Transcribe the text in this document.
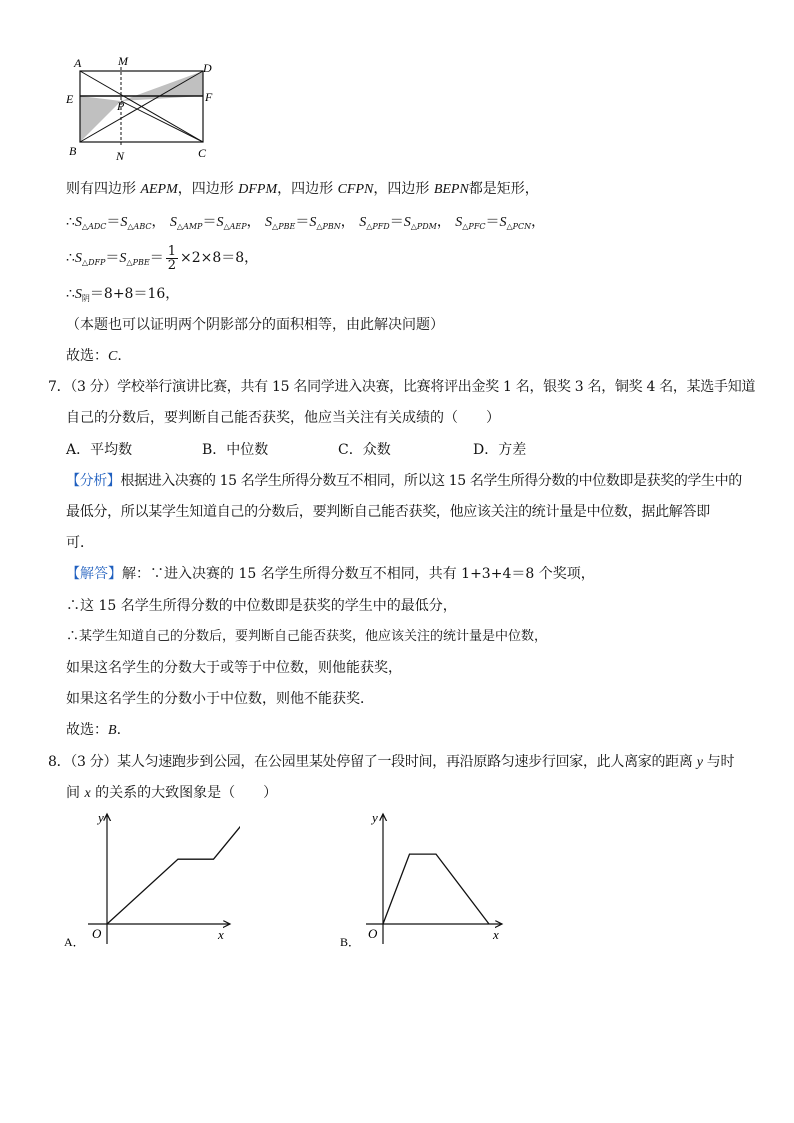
A	M	D
E	F
P
B	N	C
则有四边形 AEPM，四边形 DFPM，四边形 CFPN，四边形 BEPN都是矩形，
$\therefore S_{\triangle ADC}=S_{\triangle ABC}$， $S_{\triangle AMP}=S_{\triangle AEP}$， $S_{\triangle PBE}=S_{\triangle PBN}$， $S_{\triangle PFD}=S_{\triangle PDM}$， $S_{\triangle PFC}=S_{\triangle PCN}$，
$\therefore S_{\triangle DFP}=S_{\triangle PBE}= \frac{1}{2} \times 2\times 8=8$，
$\therefore S_阴=8+8=16$，
（本题也可以证明两个阴影部分的面积相等，由此解决问题）
故选：C.
7．（3 分）学校举行演讲比赛，共有 15 名同学进入决赛，比赛将评出金奖 1 名，银奖 3 名，铜奖 4 名，某选手知道
自己的分数后，要判断自己能否获奖，他应当关注有关成绩的（　　）
A．平均数	B．中位数	C．众数	D．方差
【分析】根据进入决赛的 15 名学生所得分数互不相同，所以这 15 名学生所得分数的中位数即是获奖的学生中的
最低分，所以某学生知道自己的分数后，要判断自己能否获奖，他应该关注的统计量是中位数，据此解答即
可．
【解答】解：∵进入决赛的 15 名学生所得分数互不相同，共有 1+3+4＝8 个奖项，
∴这 15 名学生所得分数的中位数即是获奖的学生中的最低分，
∴某学生知道自己的分数后，要判断自己能否获奖，他应该关注的统计量是中位数，
如果这名学生的分数大于或等于中位数，则他能获奖，
如果这名学生的分数小于中位数，则他不能获奖．
故选：B.
8．（3 分）某人匀速跑步到公园，在公园里某处停留了一段时间，再沿原路匀速步行回家，此人离家的距离 y 与时
间 x 的关系的大致图象是（　　）
y
x
O
A．
y
x
O
B．
